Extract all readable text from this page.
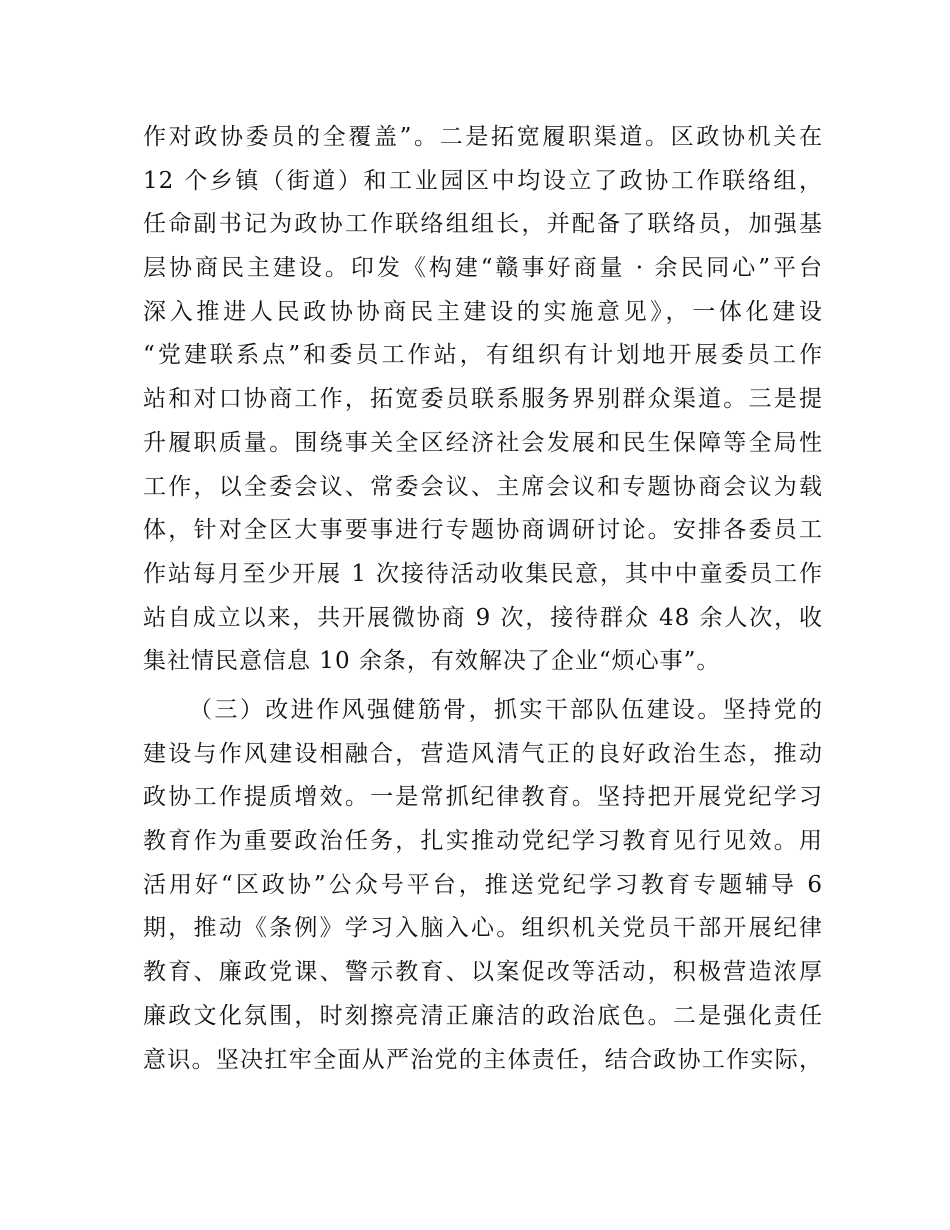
作对政协委员的全覆盖”。二是拓宽履职渠道。区政协机关在
12 个乡镇（街道）和工业园区中均设立了政协工作联络组，
任命副书记为政协工作联络组组长，并配备了联络员，加强基
层协商民主建设。印发《构建“赣事好商量 · 余民同心”平台
深入推进人民政协协商民主建设的实施意见》，一体化建设
“党建联系点”和委员工作站，有组织有计划地开展委员工作
站和对口协商工作，拓宽委员联系服务界别群众渠道。三是提
升履职质量。围绕事关全区经济社会发展和民生保障等全局性
工作，以全委会议、常委会议、主席会议和专题协商会议为载
体，针对全区大事要事进行专题协商调研讨论。安排各委员工
作站每月至少开展 1 次接待活动收集民意，其中中童委员工作
站自成立以来，共开展微协商 9 次，接待群众 48 余人次，收
集社情民意信息 10 余条，有效解决了企业“烦心事”。
（三）改进作风强健筋骨，抓实干部队伍建设。坚持党的
建设与作风建设相融合，营造风清气正的良好政治生态，推动
政协工作提质增效。一是常抓纪律教育。坚持把开展党纪学习
教育作为重要政治任务，扎实推动党纪学习教育见行见效。用
活用好“区政协”公众号平台，推送党纪学习教育专题辅导 6
期，推动《条例》学习入脑入心。组织机关党员干部开展纪律
教育、廉政党课、警示教育、以案促改等活动，积极营造浓厚
廉政文化氛围，时刻擦亮清正廉洁的政治底色。二是强化责任
意识。坚决扛牢全面从严治党的主体责任，结合政协工作实际，
